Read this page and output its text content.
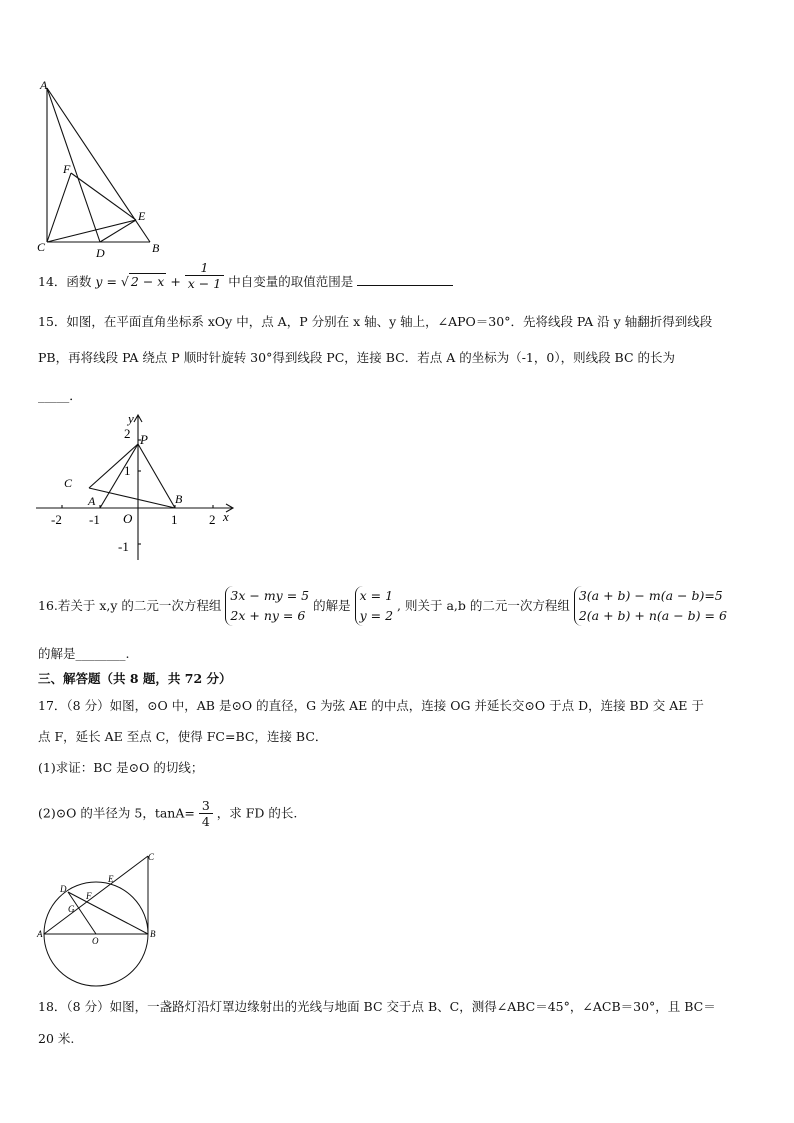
A
F
E
C	D	B
14．函数 y = √ $2 - x + \frac{1}{x - 1}$ 中自变量的取值范围是
15．如图，在平面直角坐标系 xOy 中，点 A，P 分别在 x 轴、y 轴上，∠APO＝30°．先将线段 PA 沿 y 轴翻折得到线段
PB，再将线段 PA 绕点 P 顺时针旋转 30°得到线段 PC，连接 BC．若点 A 的坐标为（-1，0），则线段 BC 的长为
_____．
y
x
O
P
A	B
C
-2 -1	1 2
2
1
-1
16.若关于 x,y 的二元一次方程组
3x − my = 5
2x + ny = 6
的解是
x = 1
y = 2
, 则关于 a,b 的二元一次方程组
3(a + b) − m(a − b)=5
2(a + b) + n(a − b) = 6
的解是________.
三、解答题（共 8 题，共 72 分）
17．（8 分）如图，⊙O 中，AB 是⊙O 的直径，G 为弦 AE 的中点，连接 OG 并延长交⊙O 于点 D，连接 BD 交 AE 于
点 F，延长 AE 至点 C，使得 FC=BC，连接 BC．
(1)求证：BC 是⊙O 的切线；
(2)⊙O 的半径为 5，$\tan A= \frac{3}{4}$ ，求 FD 的长.
A	B
C
D
E
F
G
O
18．（8 分）如图，一盏路灯沿灯罩边缘射出的光线与地面 BC 交于点 B、C，测得∠ABC＝45°，∠ACB＝30°，且 BC＝
20 米.
